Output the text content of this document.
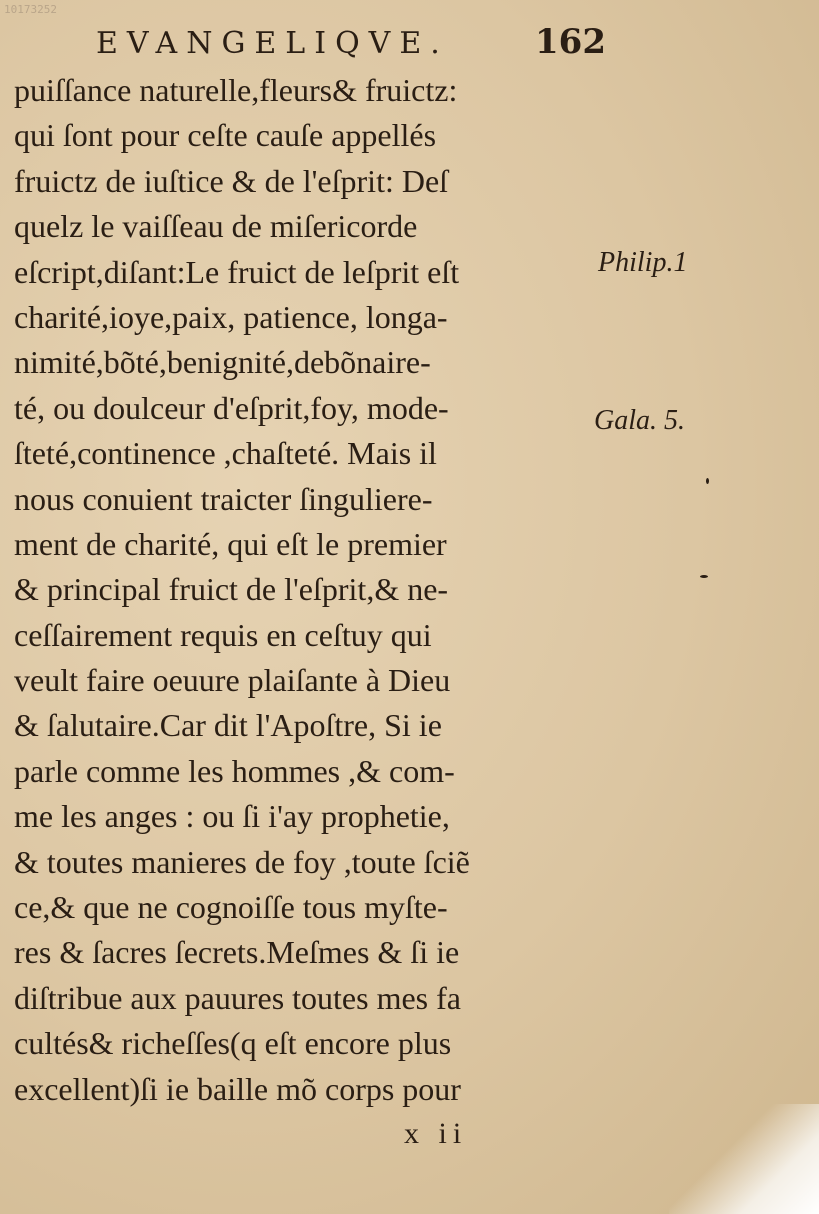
10173252
EVANGELIQVE.	162
puiſſance naturelle,fleurs& fruictz:
qui ſont pour ceſte cauſe appellés
fruictz de iuſtice & de l'eſprit: Deſ
quelz le vaiſſeau de miſericorde
eſcript,diſant:Le fruict de leſprit eſt
charité,ioye,paix, patience, longa-
nimité,bõté,benignité,debõnaire-
té, ou doulceur d'eſprit,foy, mode-
ſteté,continence ,chaſteté. Mais il
nous conuient traicter ſinguliere-
ment de charité, qui eſt le premier
& principal fruict de l'eſprit,& ne-
ceſſairement requis en ceſtuy qui
veult faire oeuure plaiſante à Dieu
& ſalutaire.Car dit l'Apoſtre, Si ie
parle comme les hommes ,& com-
me les anges : ou ſi i'ay prophetie,
& toutes manieres de foy ,toute ſciẽ
ce,& que ne cognoiſſe tous myſte-
res & ſacres ſecrets.Meſmes & ſi ie
diſtribue aux pauures toutes mes fa
cultés& richeſſes(q eſt encore plus
excellent)ſi ie baille mõ corps pour
Philip.1
Gala. 5.
x ii
